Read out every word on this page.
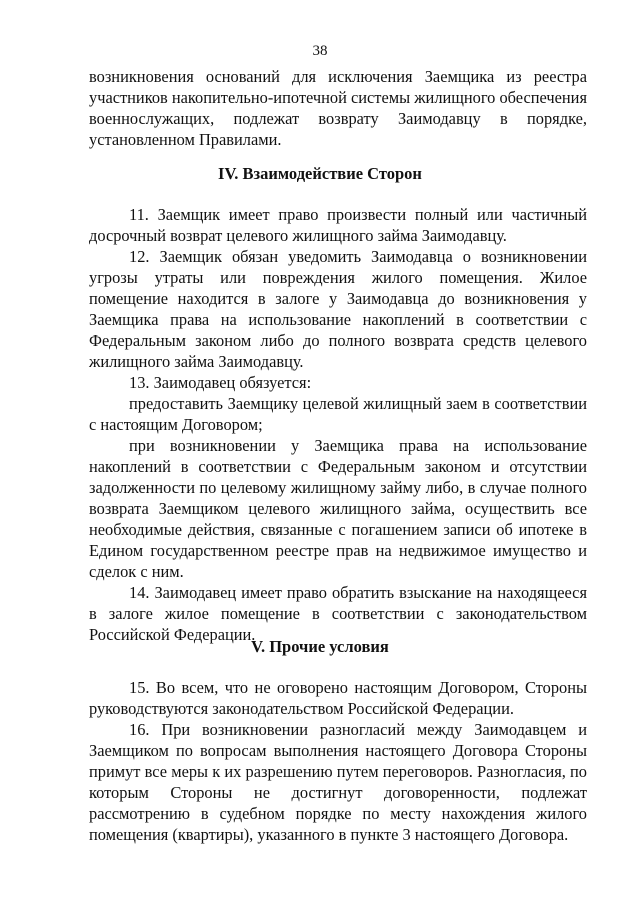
38

возникновения оснований для исключения Заемщика из реестра участников накопительно-ипотечной системы жилищного обеспечения военнослужащих, подлежат возврату Заимодавцу в порядке, установленном Правилами.

IV. Взаимодействие Сторон

11. Заемщик имеет право произвести полный или частичный досрочный возврат целевого жилищного займа Заимодавцу.

12. Заемщик обязан уведомить Заимодавца о возникновении угрозы утраты или повреждения жилого помещения. Жилое помещение находится в залоге у Заимодавца до возникновения у Заемщика права на использование накоплений в соответствии с Федеральным законом либо до полного возврата средств целевого жилищного займа Заимодавцу.

13. Заимодавец обязуется:

предоставить Заемщику целевой жилищный заем в соответствии с настоящим Договором;

при возникновении у Заемщика права на использование накоплений в соответствии с Федеральным законом и отсутствии задолженности по целевому жилищному займу либо, в случае полного возврата Заемщиком целевого жилищного займа, осуществить все необходимые действия, связанные с погашением записи об ипотеке в Едином государственном реестре прав на недвижимое имущество и сделок с ним.

14. Заимодавец имеет право обратить взыскание на находящееся в залоге жилое помещение в соответствии с законодательством Российской Федерации.

V. Прочие условия

15. Во всем, что не оговорено настоящим Договором, Стороны руководствуются законодательством Российской Федерации.

16. При возникновении разногласий между Заимодавцем и Заемщиком по вопросам выполнения настоящего Договора Стороны примут все меры к их разрешению путем переговоров. Разногласия, по которым Стороны не достигнут договоренности, подлежат рассмотрению в судебном порядке по месту нахождения жилого помещения (квартиры), указанного в пункте 3 настоящего Договора.
